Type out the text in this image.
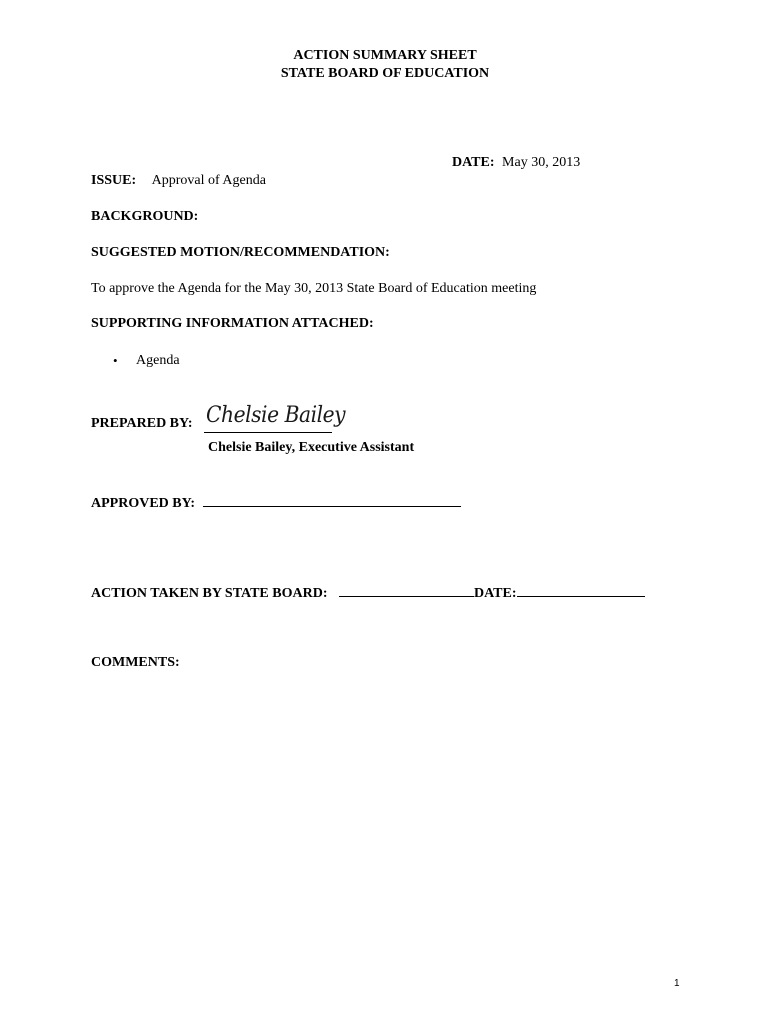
ACTION SUMMARY SHEET
STATE BOARD OF EDUCATION
DATE: May 30, 2013
ISSUE: Approval of Agenda
BACKGROUND:
SUGGESTED MOTION/RECOMMENDATION:
To approve the Agenda for the May 30, 2013 State Board of Education meeting
SUPPORTING INFORMATION ATTACHED:
• Agenda
PREPARED BY: Chelsie Bailey
Chelsie Bailey, Executive Assistant
APPROVED BY:
ACTION TAKEN BY STATE BOARD:	DATE:
COMMENTS:
1
